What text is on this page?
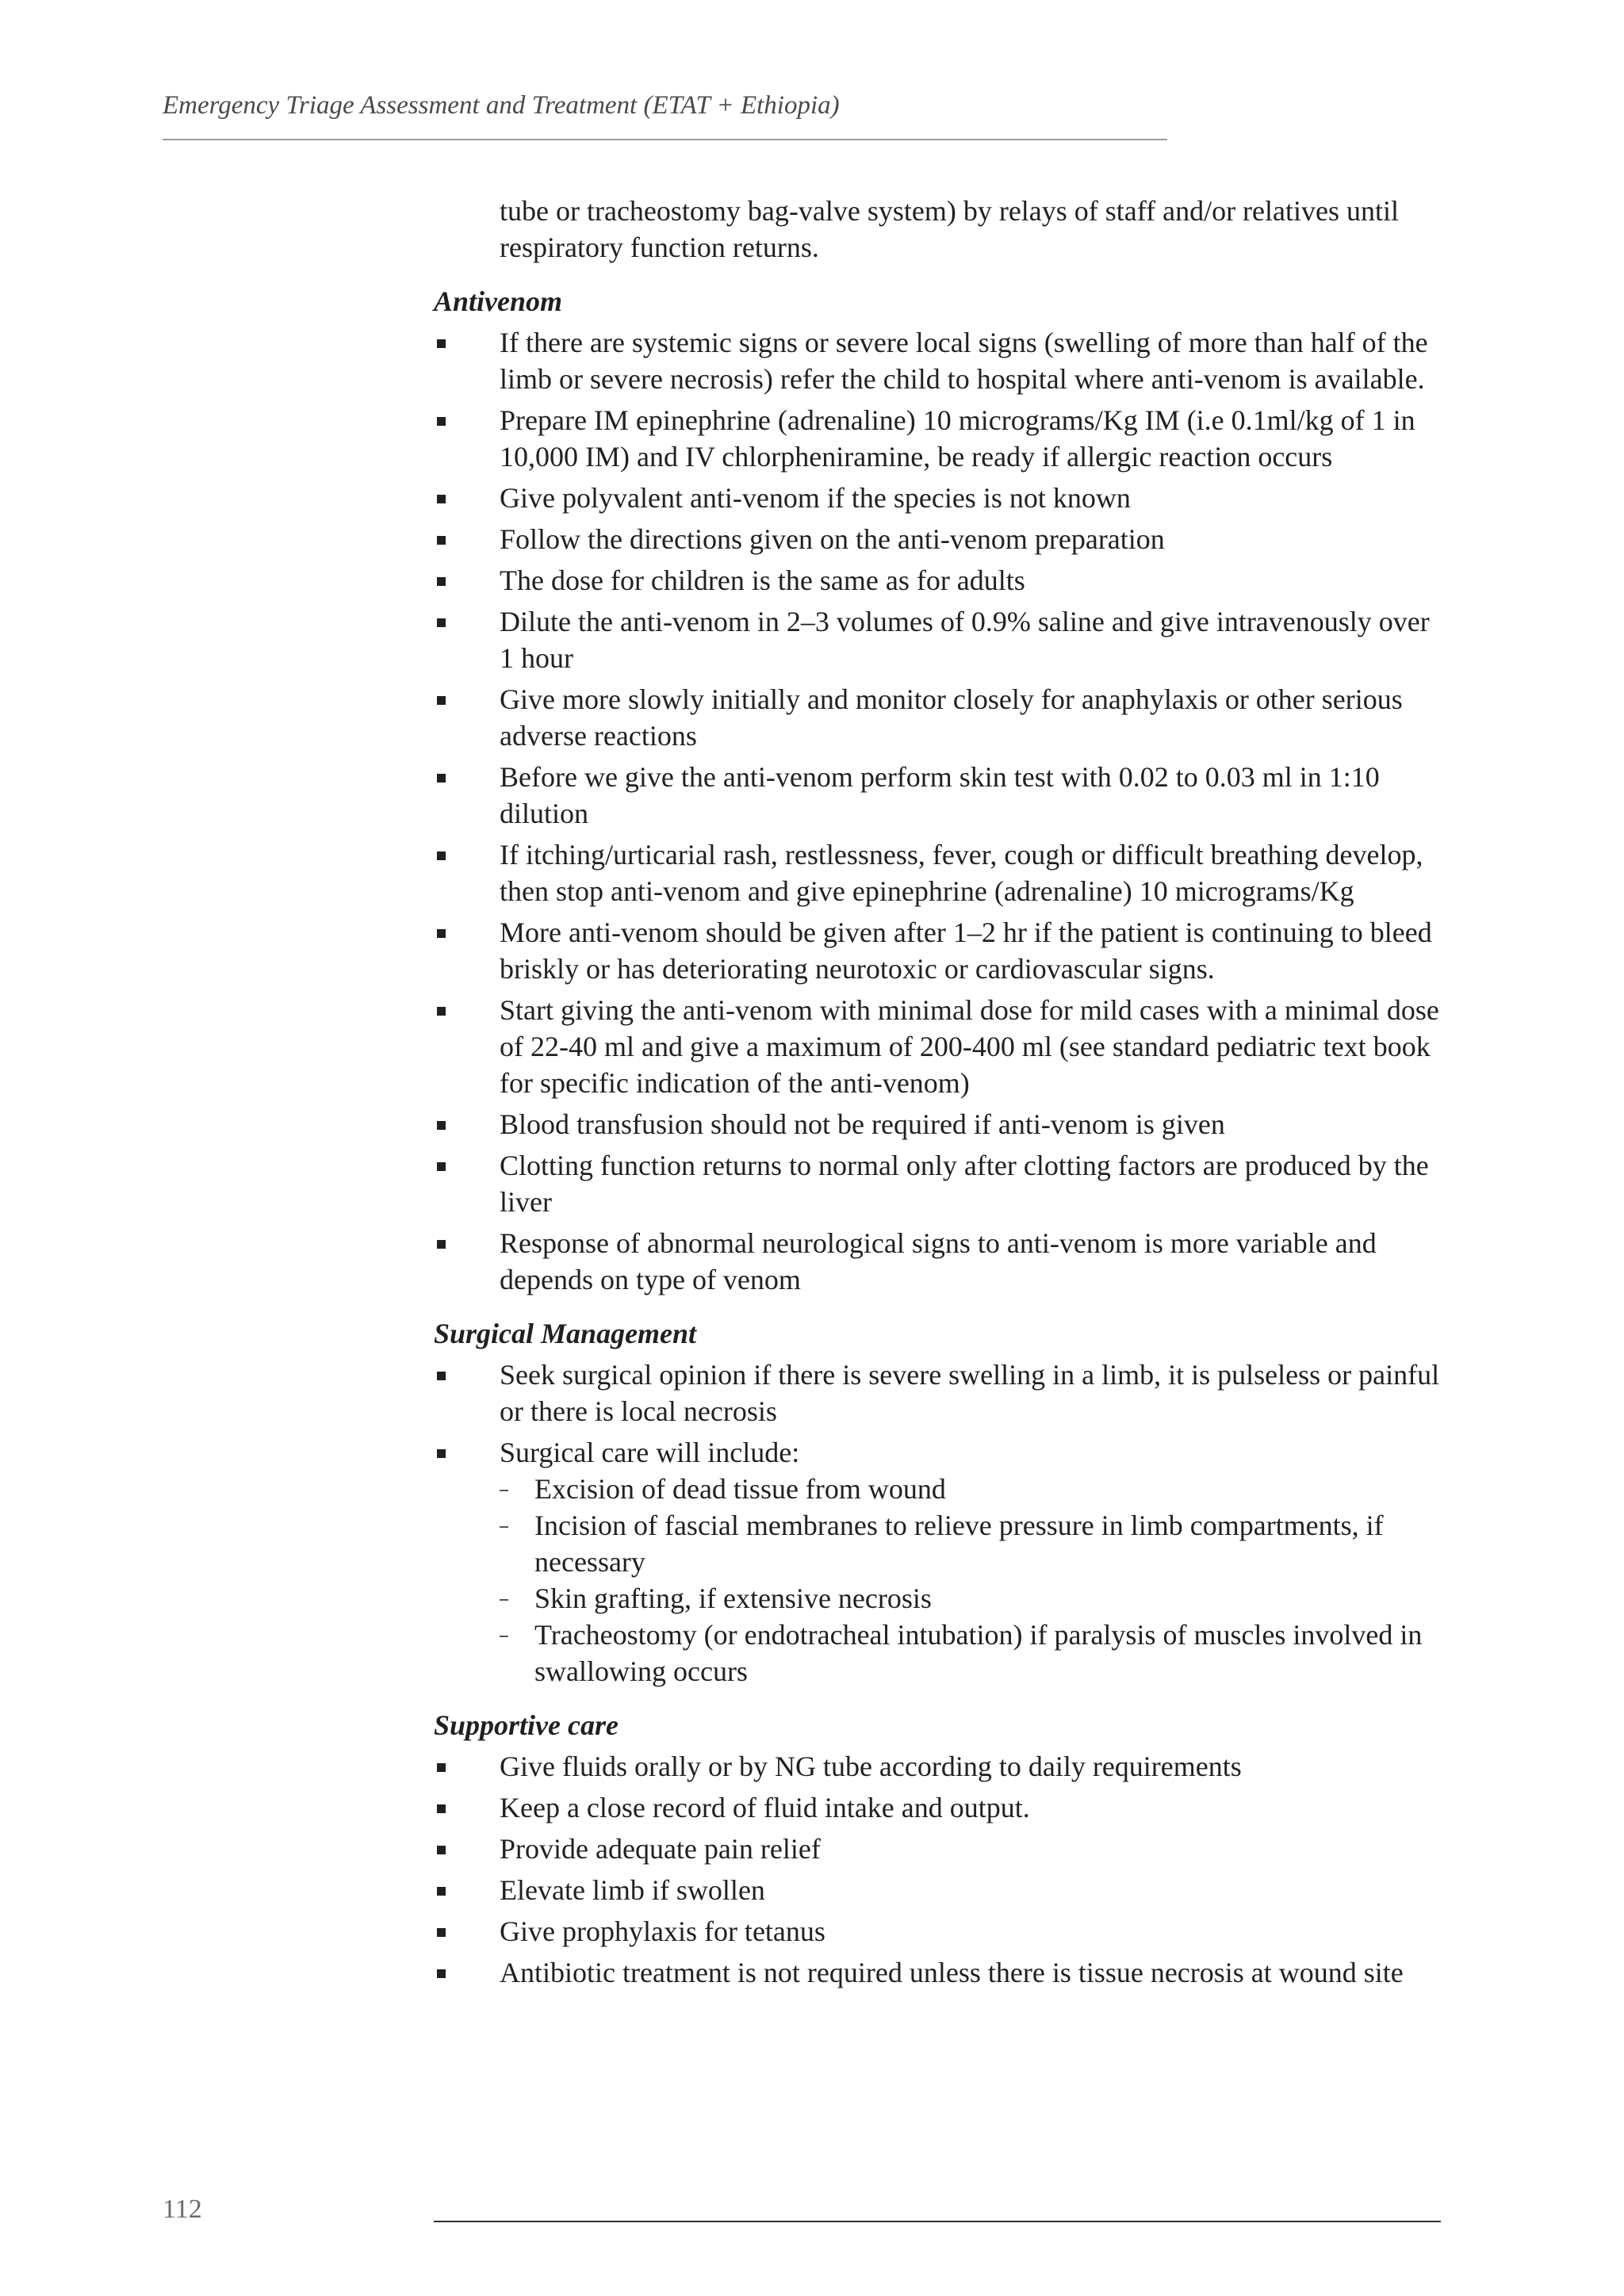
Emergency Triage Assessment and Treatment (ETAT + Ethiopia)

tube or tracheostomy bag-valve system) by relays of staff and/or relatives until respiratory function returns.

Antivenom
If there are systemic signs or severe local signs (swelling of more than half of the limb or severe necrosis) refer the child to hospital where anti-venom is available.
Prepare IM epinephrine (adrenaline) 10 micrograms/Kg IM (i.e 0.1ml/kg of 1 in 10,000 IM) and IV chlorpheniramine, be ready if allergic reaction occurs
Give polyvalent anti-venom if the species is not known
Follow the directions given on the anti-venom preparation
The dose for children is the same as for adults
Dilute the anti-venom in 2–3 volumes of 0.9% saline and give intravenously over 1 hour
Give more slowly initially and monitor closely for anaphylaxis or other serious adverse reactions
Before we give the anti-venom perform skin test with 0.02 to 0.03 ml in 1:10 dilution
If itching/urticarial rash, restlessness, fever, cough or difficult breathing develop, then stop anti-venom and give epinephrine (adrenaline) 10 micrograms/Kg
More anti-venom should be given after 1–2 hr if the patient is continuing to bleed briskly or has deteriorating neurotoxic or cardiovascular signs.
Start giving the anti-venom with minimal dose for mild cases with a minimal dose of 22-40 ml and give a maximum of 200-400 ml (see standard pediatric text book for specific indication of the anti-venom)
Blood transfusion should not be required if anti-venom is given
Clotting function returns to normal only after clotting factors are produced by the liver
Response of abnormal neurological signs to anti-venom is more variable and depends on type of venom
Surgical Management
Seek surgical opinion if there is severe swelling in a limb, it is pulseless or painful or there is local necrosis
Surgical care will include:
Excision of dead tissue from wound
Incision of fascial membranes to relieve pressure in limb compartments, if necessary
Skin grafting, if extensive necrosis
Tracheostomy (or endotracheal intubation) if paralysis of muscles involved in swallowing occurs
Supportive care
Give fluids orally or by NG tube according to daily requirements
Keep a close record of fluid intake and output.
Provide adequate pain relief
Elevate limb if swollen
Give prophylaxis for tetanus
Antibiotic treatment is not required unless there is tissue necrosis at wound site
112
